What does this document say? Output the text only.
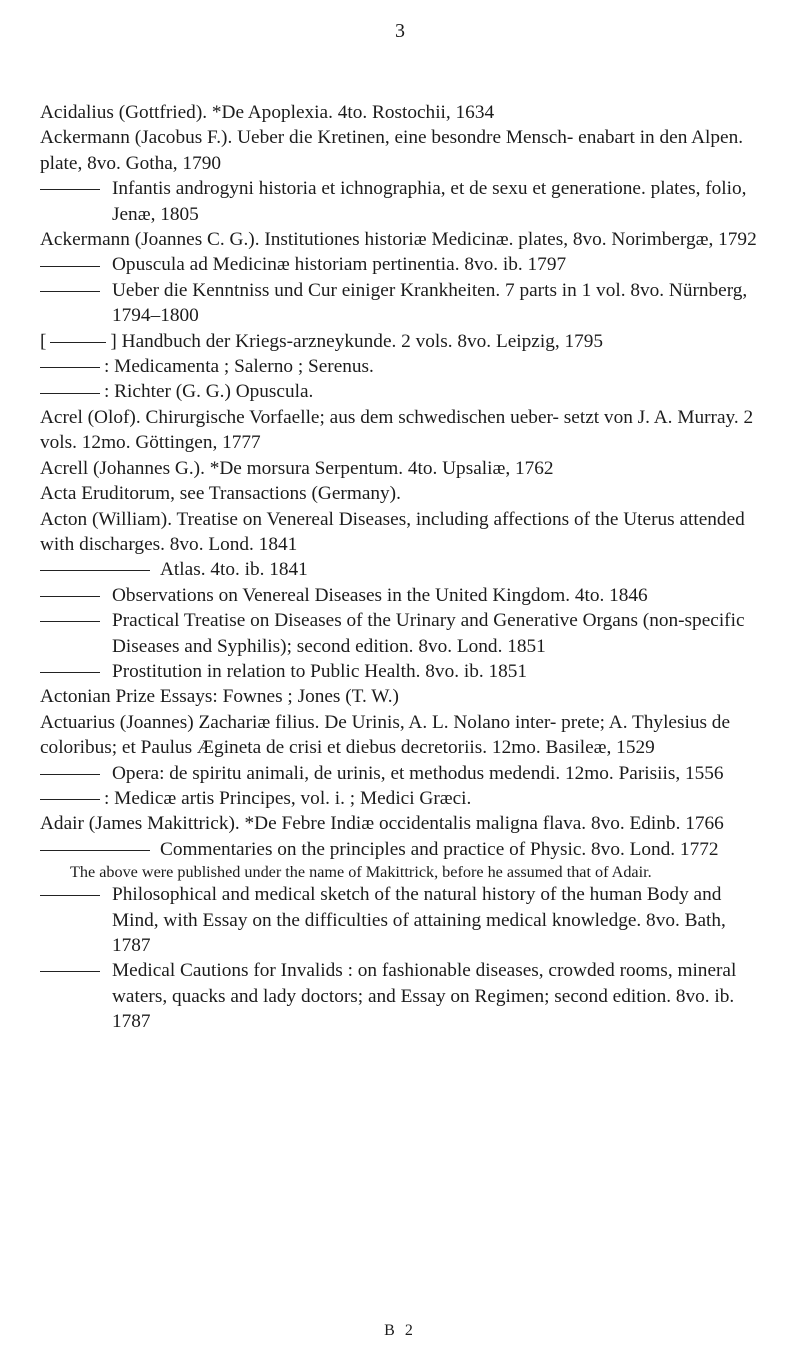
3
Acidalius (Gottfried). *De Apoplexia. 4to. Rostochii, 1634
Ackermann (Jacobus F.). Ueber die Kretinen, eine besondre Mensch- enabart in den Alpen. plate, 8vo. Gotha, 1790
Infantis androgyni historia et ichnographia, et de sexu et generatione. plates, folio, Jenæ, 1805
Ackermann (Joannes C. G.). Institutiones historiæ Medicinæ. plates, 8vo. Norimbergæ, 1792
Opuscula ad Medicinæ historiam pertinentia. 8vo. ib. 1797
Ueber die Kenntniss und Cur einiger Krankheiten. 7 parts in 1 vol. 8vo. Nürnberg, 1794–1800
[	] Handbuch der Kriegs-arzneykunde. 2 vols. 8vo. Leipzig, 1795
: Medicamenta ; Salerno ; Serenus.
: Richter (G. G.) Opuscula.
Acrel (Olof). Chirurgische Vorfaelle; aus dem schwedischen ueber- setzt von J. A. Murray. 2 vols. 12mo. Göttingen, 1777
Acrell (Johannes G.). *De morsura Serpentum. 4to. Upsaliæ, 1762
Acta Eruditorum, see Transactions (Germany).
Acton (William). Treatise on Venereal Diseases, including affections of the Uterus attended with discharges. 8vo. Lond. 1841
Atlas. 4to. ib. 1841
Observations on Venereal Diseases in the United Kingdom. 4to. 1846
Practical Treatise on Diseases of the Urinary and Generative Organs (non-specific Diseases and Syphilis); second edition. 8vo. Lond. 1851
Prostitution in relation to Public Health. 8vo. ib. 1851
Actonian Prize Essays: Fownes ; Jones (T. W.)
Actuarius (Joannes) Zachariæ filius. De Urinis, A. L. Nolano inter- prete; A. Thylesius de coloribus; et Paulus Ægineta de crisi et diebus decretoriis. 12mo. Basileæ, 1529
Opera: de spiritu animali, de urinis, et methodus medendi. 12mo. Parisiis, 1556
: Medicæ artis Principes, vol. i. ; Medici Græci.
Adair (James Makittrick). *De Febre Indiæ occidentalis maligna flava. 8vo. Edinb. 1766
Commentaries on the principles and practice of Physic. 8vo. Lond. 1772
The above were published under the name of Makittrick, before he assumed that of Adair.
Philosophical and medical sketch of the natural history of the human Body and Mind, with Essay on the difficulties of attaining medical knowledge. 8vo. Bath, 1787
Medical Cautions for Invalids : on fashionable diseases, crowded rooms, mineral waters, quacks and lady doctors; and Essay on Regimen; second edition. 8vo. ib. 1787
B 2
